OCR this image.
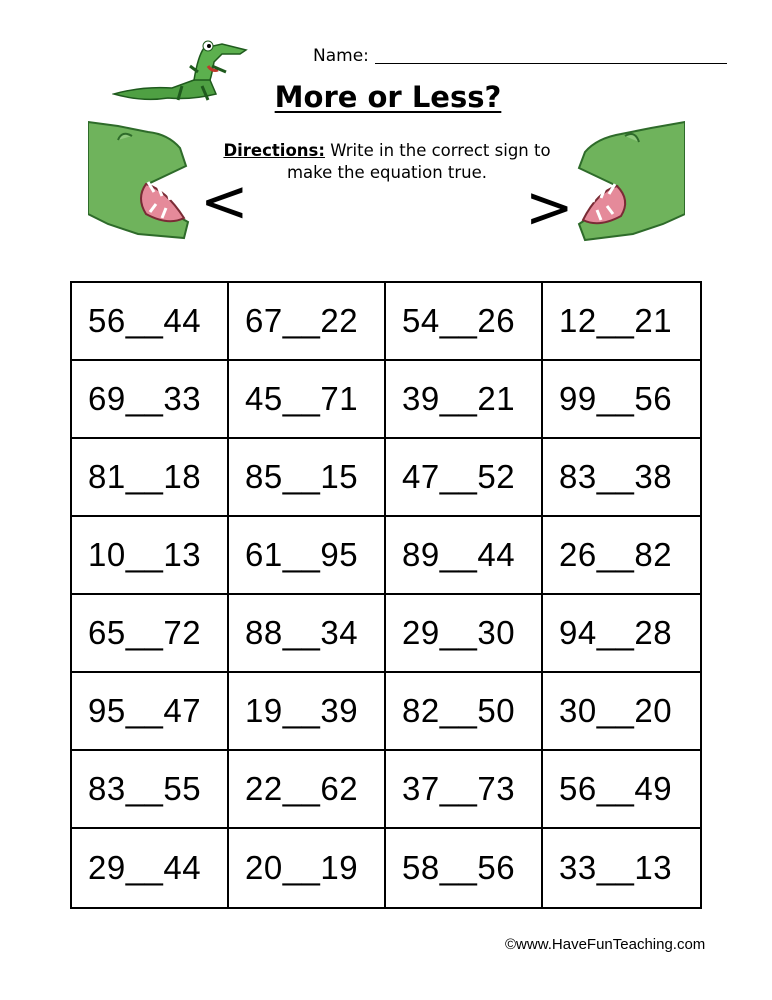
Name:
More or Less?
Directions: Write in the correct sign to make the equation true.
<	>
56__44	67__22	54__26	12__21
69__33	45__71	39__21	99__56
81__18	85__15	47__52	83__38
10__13	61__95	89__44	26__82
65__72	88__34	29__30	94__28
95__47	19__39	82__50	30__20
83__55	22__62	37__73	56__49
29__44	20__19	58__56	33__13
©www.HaveFunTeaching.com
